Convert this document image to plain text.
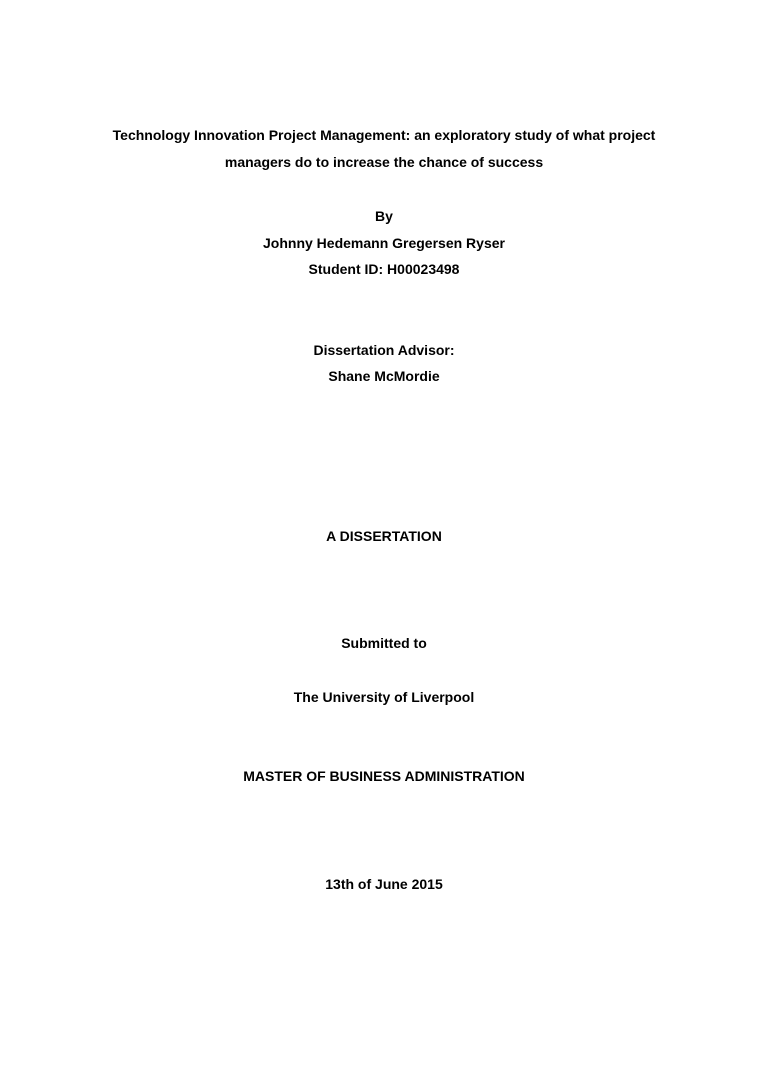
Technology Innovation Project Management: an exploratory study of what project
managers do to increase the chance of success
By
Johnny Hedemann Gregersen Ryser
Student ID: H00023498
Dissertation Advisor:
Shane McMordie
A DISSERTATION
Submitted to
The University of Liverpool
MASTER OF BUSINESS ADMINISTRATION
13th of June 2015
